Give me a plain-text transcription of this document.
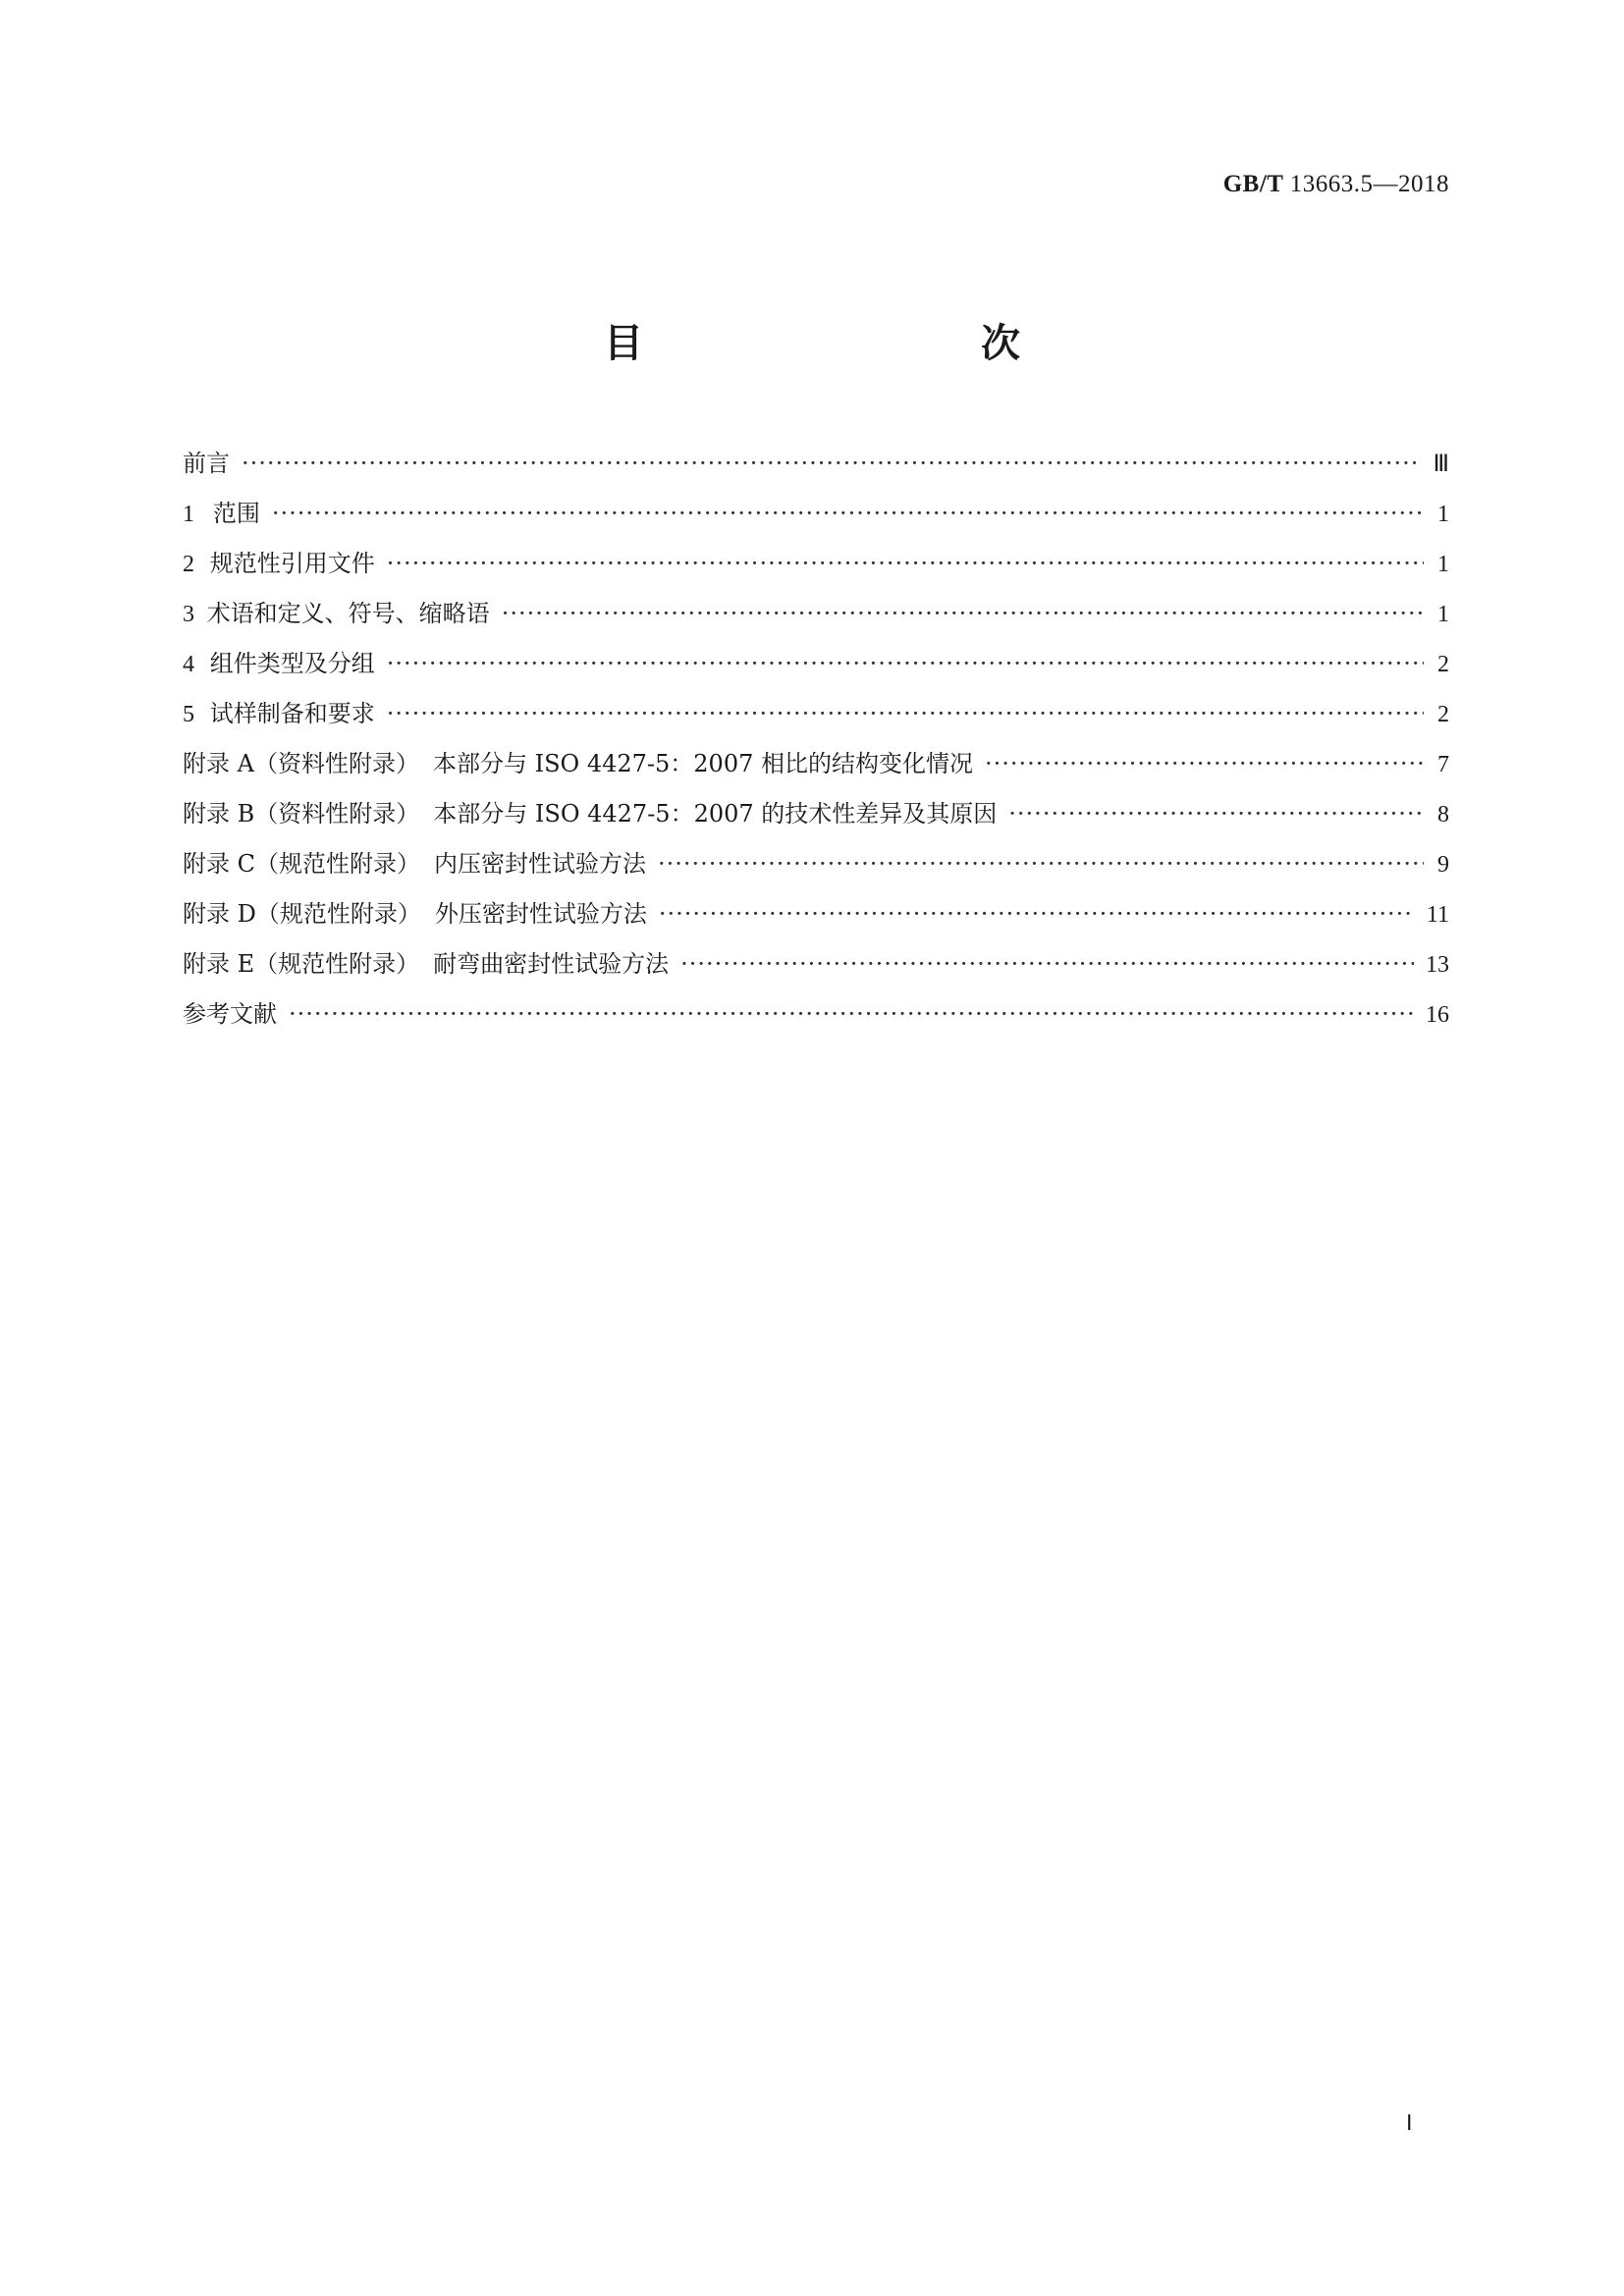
GB/T 13663.5—2018
目　　次
前言 ·····	Ⅲ
1 范围 ·····	1
2 规范性引用文件 ·····	1
3 术语和定义、符号、缩略语 ·····	1
4 组件类型及分组 ·····	2
5 试样制备和要求 ·····	2
附录 A（资料性附录） 本部分与 ISO 4427-5：2007 相比的结构变化情况 ·····	7
附录 B（资料性附录） 本部分与 ISO 4427-5：2007 的技术性差异及其原因 ·····	8
附录 C（规范性附录） 内压密封性试验方法 ·····	9
附录 D（规范性附录） 外压密封性试验方法 ·····	11
附录 E（规范性附录） 耐弯曲密封性试验方法 ·····	13
参考文献 ·····	16
Ⅰ
